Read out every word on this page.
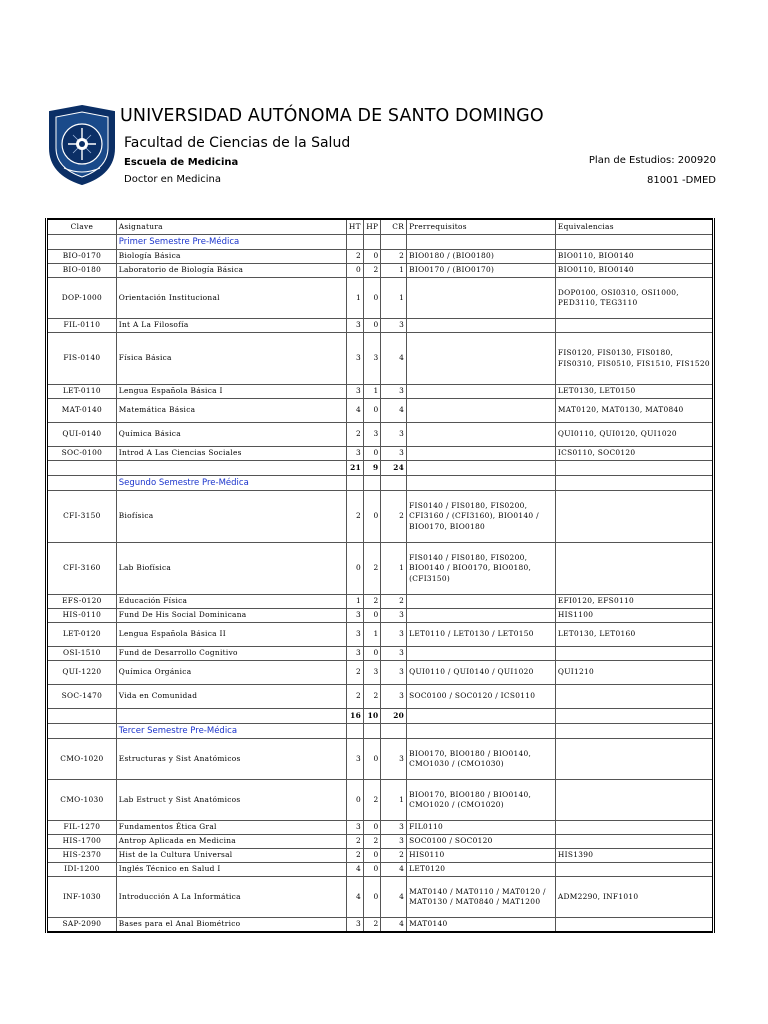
UNIVERSIDAD AUTÓNOMA DE SANTO DOMINGO
Facultad de Ciencias de la Salud
Escuela de Medicina
Doctor en Medicina
Plan de Estudios: 200920
81001 -DMED
Clave	Asignatura	HT	HP	CR	Prerrequisitos	Equivalencias
	Primer Semestre Pre-Médica					
BIO-0170	Biología Básica	2	0	2	BIO0180 / (BIO0180)	BIO0110, BIO0140
BIO-0180	Laboratorio de Biología Básica	0	2	1	BIO0170 / (BIO0170)	BIO0110, BIO0140
DOP-1000	Orientación Institucional	1	0	1		DOP0100, OSI0310, OSI1000, PED3110, TEG3110
FIL-0110	Int A La Filosofía	3	0	3		
FIS-0140	Física Básica	3	3	4		FIS0120, FIS0130, FIS0180, FIS0310, FIS0510, FIS1510, FIS1520
LET-0110	Lengua Española Básica I	3	1	3		LET0130, LET0150
MAT-0140	Matemática Básica	4	0	4		MAT0120, MAT0130, MAT0840
QUI-0140	Química Básica	2	3	3		QUI0110, QUI0120, QUI1020
SOC-0100	Introd A Las Ciencias Sociales	3	0	3		ICS0110, SOC0120
		21	9	24		
	Segundo Semestre Pre-Médica					
CFI-3150	Biofísica	2	0	2	FIS0140 / FIS0180, FIS0200, CFI3160 / (CFI3160), BIO0140 / BIO0170, BIO0180	
CFI-3160	Lab Biofísica	0	2	1	FIS0140 / FIS0180, FIS0200, BIO0140 / BIO0170, BIO0180, (CFI3150)	
EFS-0120	Educación Física	1	2	2		EFI0120, EFS0110
HIS-0110	Fund De His Social Dominicana	3	0	3		HIS1100
LET-0120	Lengua Española Básica II	3	1	3	LET0110 / LET0130 / LET0150	LET0130, LET0160
OSI-1510	Fund de Desarrollo Cognitivo	3	0	3		
QUI-1220	Química Orgánica	2	3	3	QUI0110 / QUI0140 / QUI1020	QUI1210
SOC-1470	Vida en Comunidad	2	2	3	SOC0100 / SOC0120 / ICS0110	
		16	10	20		
	Tercer Semestre Pre-Médica					
CMO-1020	Estructuras y Sist Anatómicos	3	0	3	BIO0170, BIO0180 / BIO0140, CMO1030 / (CMO1030)	
CMO-1030	Lab Estruct y Sist Anatómicos	0	2	1	BIO0170, BIO0180 / BIO0140, CMO1020 / (CMO1020)	
FIL-1270	Fundamentos Ética Gral	3	0	3	FIL0110	
HIS-1700	Antrop Aplicada en Medicina	2	2	3	SOC0100 / SOC0120	
HIS-2370	Hist de la Cultura Universal	2	0	2	HIS0110	HIS1390
IDI-1200	Inglés Técnico en Salud I	4	0	4	LET0120	
INF-1030	Introducción A La Informática	4	0	4	MAT0140 / MAT0110 / MAT0120 / MAT0130 / MAT0840 / MAT1200	ADM2290, INF1010
SAP-2090	Bases para el Anal Biométrico	3	2	4	MAT0140	
